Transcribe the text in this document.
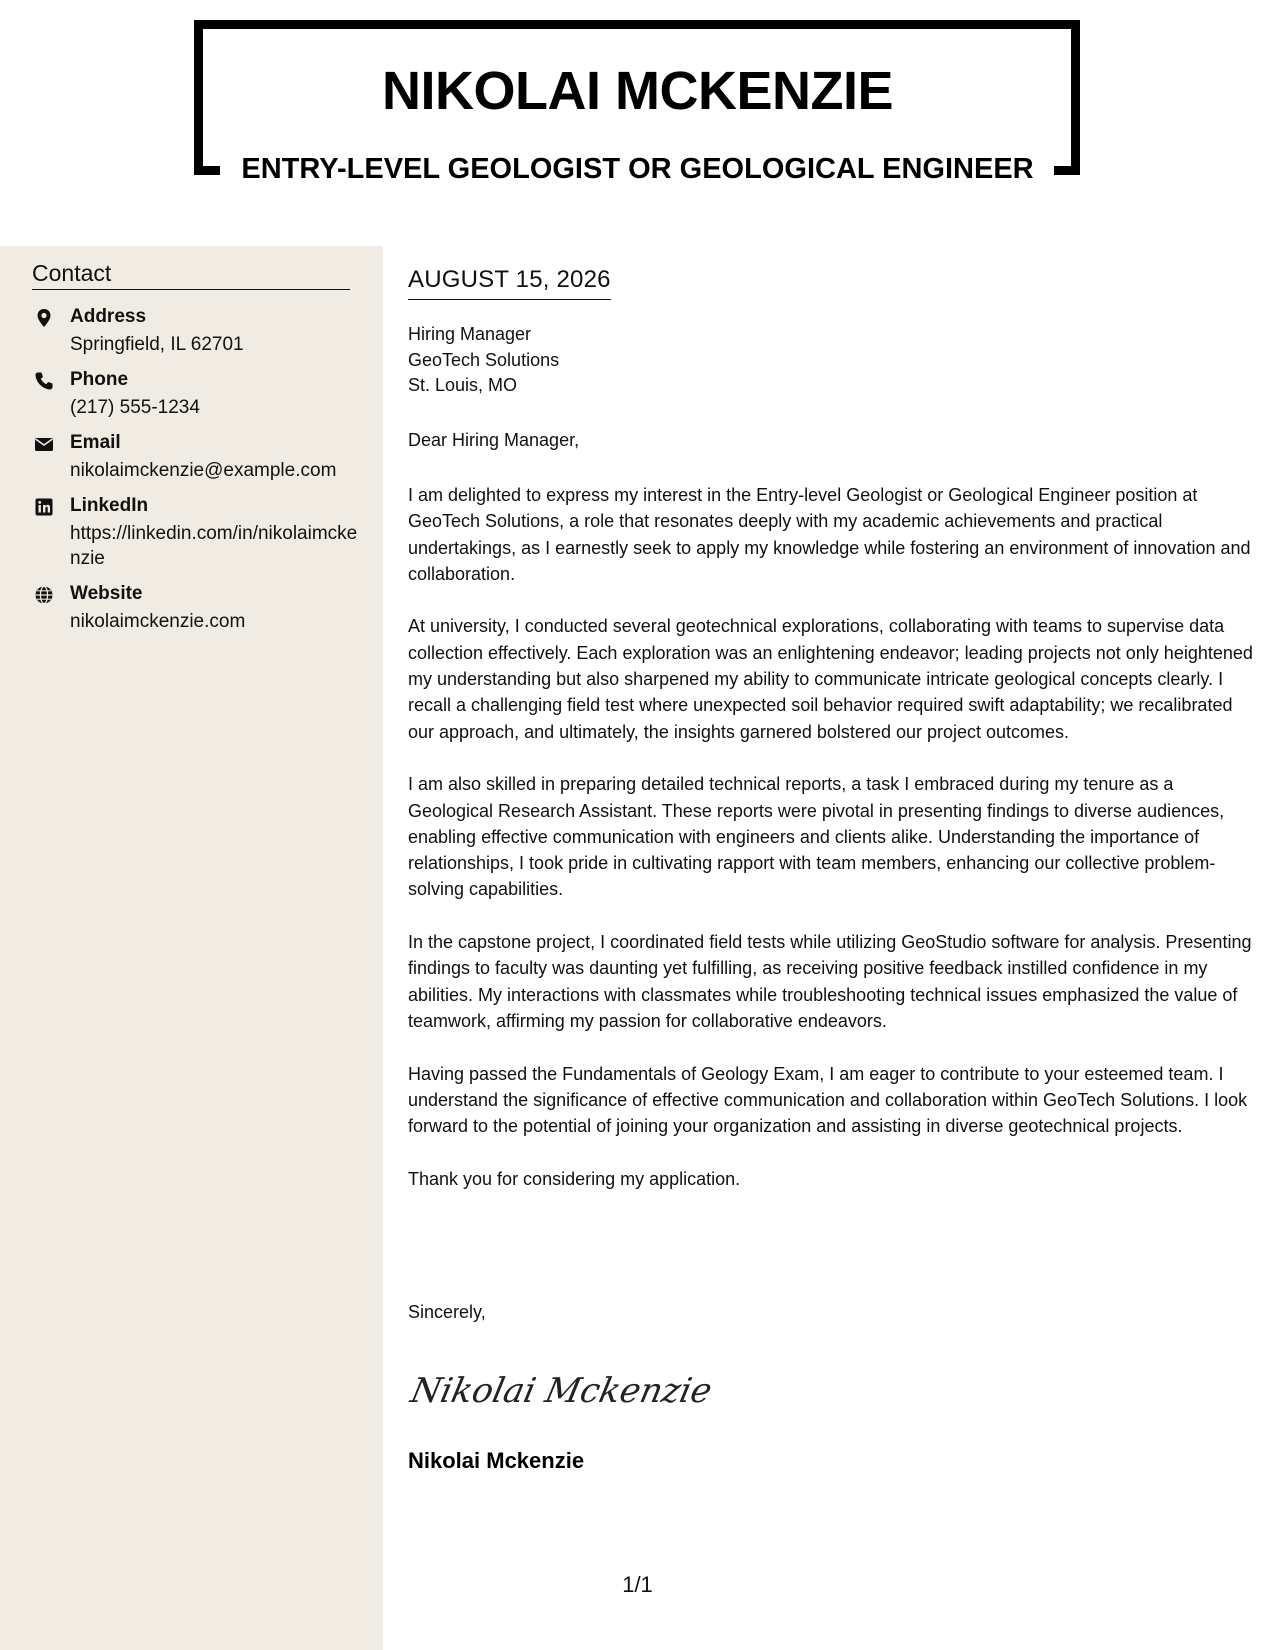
NIKOLAI MCKENZIE
ENTRY-LEVEL GEOLOGIST OR GEOLOGICAL ENGINEER
Contact
Address
Springfield, IL 62701
Phone
(217) 555-1234
Email
nikolaimckenzie@example.com
LinkedIn
https://linkedin.com/in/nikolaimckenzie
Website
nikolaimckenzie.com
AUGUST 15, 2026
Hiring Manager
GeoTech Solutions
St. Louis, MO
Dear Hiring Manager,

I am delighted to express my interest in the Entry-level Geologist or Geological Engineer position at GeoTech Solutions, a role that resonates deeply with my academic achievements and practical undertakings, as I earnestly seek to apply my knowledge while fostering an environment of innovation and collaboration.

At university, I conducted several geotechnical explorations, collaborating with teams to supervise data collection effectively. Each exploration was an enlightening endeavor; leading projects not only heightened my understanding but also sharpened my ability to communicate intricate geological concepts clearly. I recall a challenging field test where unexpected soil behavior required swift adaptability; we recalibrated our approach, and ultimately, the insights garnered bolstered our project outcomes.

I am also skilled in preparing detailed technical reports, a task I embraced during my tenure as a Geological Research Assistant. These reports were pivotal in presenting findings to diverse audiences, enabling effective communication with engineers and clients alike. Understanding the importance of relationships, I took pride in cultivating rapport with team members, enhancing our collective problem-solving capabilities.

In the capstone project, I coordinated field tests while utilizing GeoStudio software for analysis. Presenting findings to faculty was daunting yet fulfilling, as receiving positive feedback instilled confidence in my abilities. My interactions with classmates while troubleshooting technical issues emphasized the value of teamwork, affirming my passion for collaborative endeavors.

Having passed the Fundamentals of Geology Exam, I am eager to contribute to your esteemed team. I understand the significance of effective communication and collaboration within GeoTech Solutions. I look forward to the potential of joining your organization and assisting in diverse geotechnical projects.

Thank you for considering my application.

Sincerely,
Nikolai Mckenzie
Nikolai Mckenzie
1/1
